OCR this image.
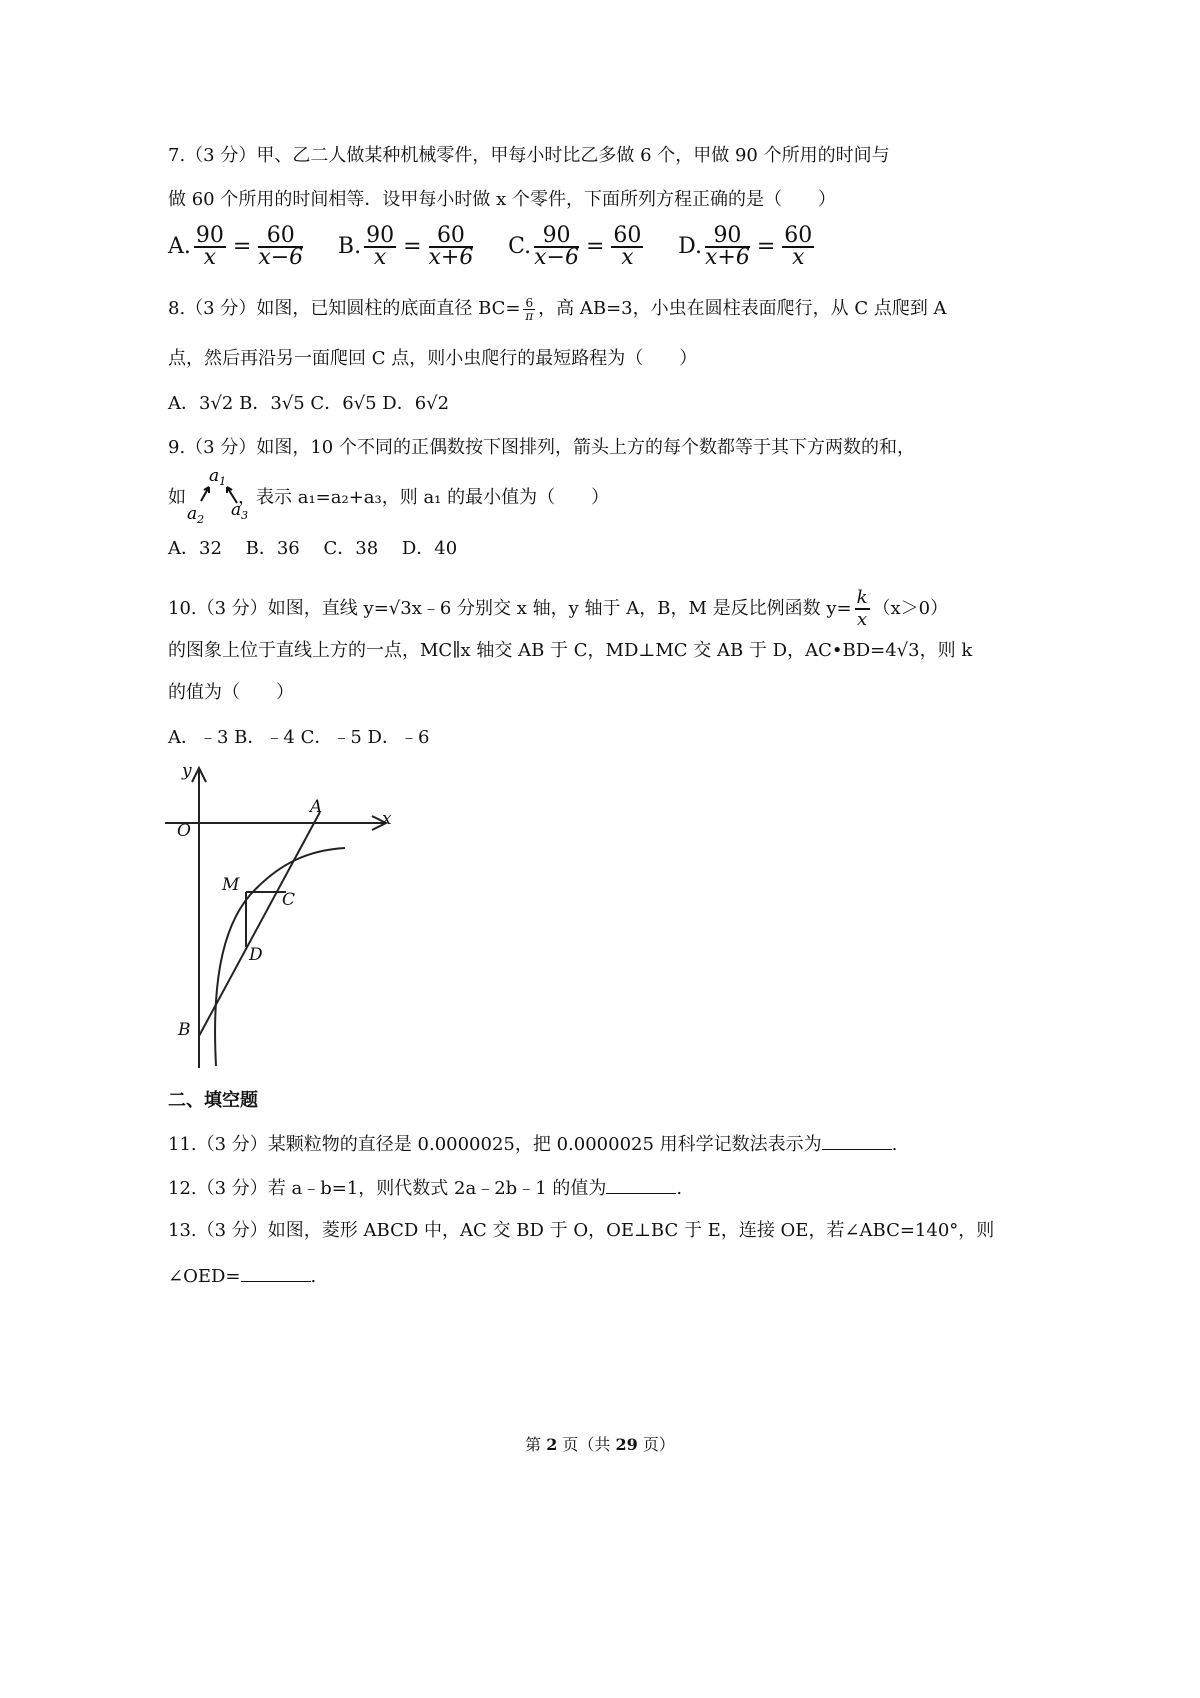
7.（3 分）甲、乙二人做某种机械零件，甲每小时比乙多做 6 个，甲做 90 个所用的时间与
做 60 个所用的时间相等．设甲每小时做 x 个零件，下面所列方程正确的是（　　）
A. $\frac{90}{x} = \frac{60}{x-6} B$. $\frac{90}{x} = \frac{60}{x+6} C$. $\frac{90}{x-6} = \frac{60}{x} D$. $\frac{90}{x+6} = \frac{60}{x}$
8.（3 分）如图，已知圆柱的底面直径 $BC= \frac{6}{\pi}$ ，高 AB=3，小虫在圆柱表面爬行，从 C 点爬到 A
点，然后再沿另一面爬回 C 点，则小虫爬行的最短路程为（　　）
A．3√2 B．3√5 C．6√5 D．6√2
9.（3 分）如图，10 个不同的正偶数按下图排列，箭头上方的每个数都等于其下方两数的和，
如	，表示 a₁=a₂+a₃，则 a₁ 的最小值为（　　）
$a_1$
$a_2$ $a_3$
A．32　 B．36　 C．38　 D．40
10.（3 分）如图，直线 y=√3x﹣6 分别交 x 轴，y 轴于 A，B，M 是反比例函数 $y= \frac{k}{x} (x>0)$
的图象上位于直线上方的一点，MC∥x 轴交 AB 于 C，MD⊥MC 交 AB 于 D，AC•BD=4√3，则 k
的值为（　　）
A．﹣3 B．﹣4 C．﹣5 D．﹣6
y
x
O
A
M
C
D
B
二、填空题
11.（3 分）某颗粒物的直径是 0.0000025，把 0.0000025 用科学记数法表示为	.
12.（3 分）若 a﹣b=1，则代数式 2a﹣2b﹣1 的值为	.
13.（3 分）如图，菱形 ABCD 中，AC 交 BD 于 O，OE⊥BC 于 E，连接 OE，若∠ABC=140°，则
∠OED=	.
第 2 页（共 29 页）
